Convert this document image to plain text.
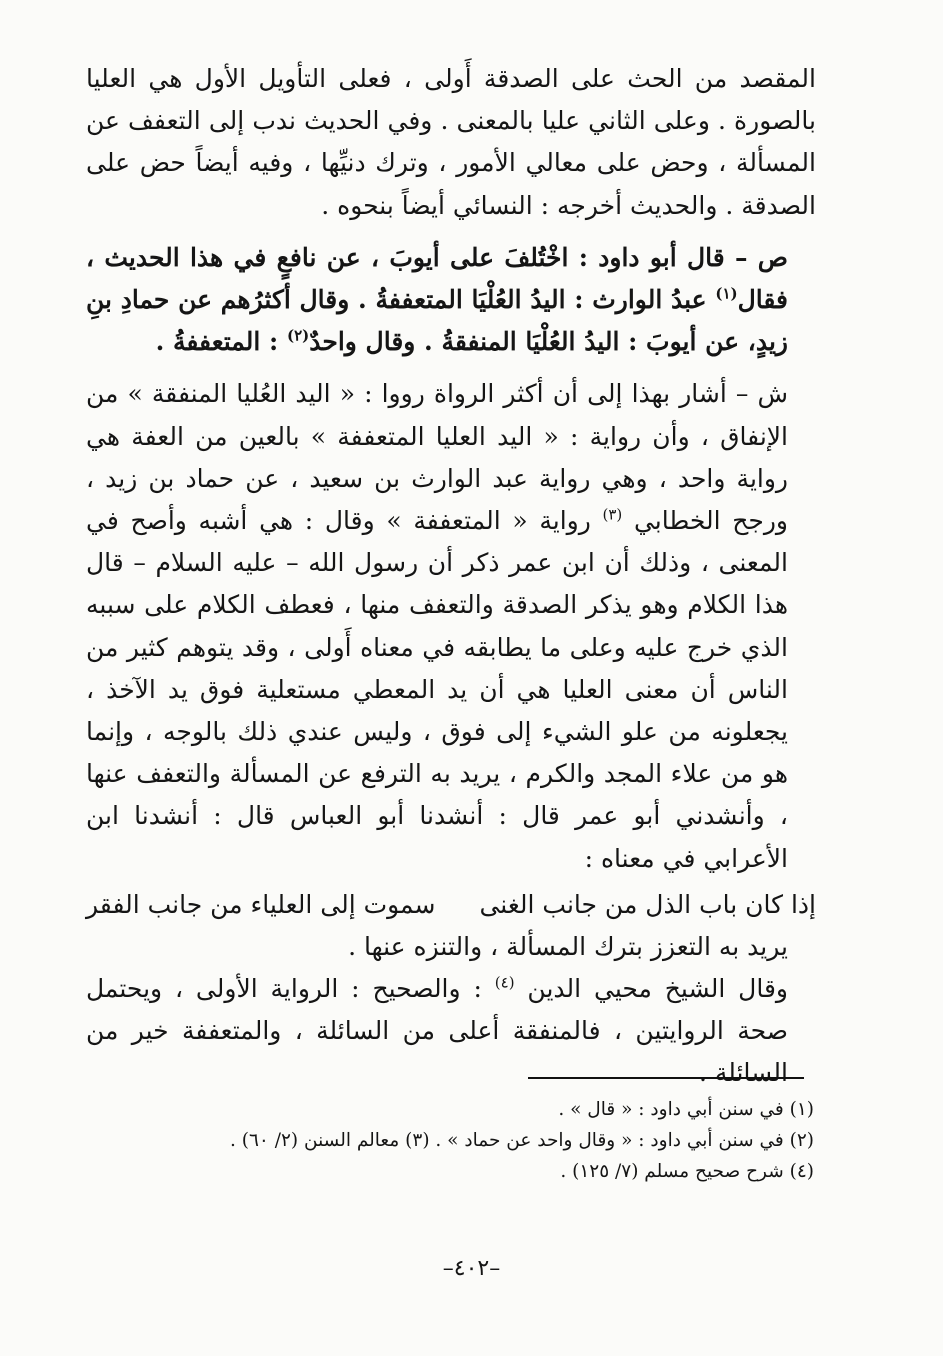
المقصد من الحث على الصدقة أَولى ، فعلى التأويل الأول هي العليا بالصورة . وعلى الثاني عليا بالمعنى . وفي الحديث ندب إلى التعفف عن المسألة ، وحض على معالي الأمور ، وترك دنيِّها ، وفيه أيضاً حض على الصدقة . والحديث أخرجه : النسائي أيضاً بنحوه .

ص – قال أبو داود : اخْتُلفَ على أيوبَ ، عن نافعٍ في هذا الحديث ، فقال$^{(١)}$ عبدُ الوارث : اليدُ العُلْيَا المتعففةُ . وقال أكثرُهم عن حمادِ بنِ زيدٍ، عن أيوبَ : اليدُ العُلْيَا المنفقةُ . وقال واحدٌ$^{(٢)}$ : المتعففةُ .

ش – أشار بهذا إلى أن أكثر الرواة رووا : « اليد العُليا المنفقة » من الإنفاق ، وأن رواية : « اليد العليا المتعففة » بالعين من العفة هي رواية واحد ، وهي رواية عبد الوارث بن سعيد ، عن حماد بن زيد ، ورجح الخطابي $^{(٣)}$ رواية « المتعففة » وقال : هي أشبه وأصح في المعنى ، وذلك أن ابن عمر ذكر أن رسول الله – عليه السلام – قال هذا الكلام وهو يذكر الصدقة والتعفف منها ، فعطف الكلام على سببه الذي خرج عليه وعلى ما يطابقه في معناه أَولى ، وقد يتوهم كثير من الناس أن معنى العليا هي أن يد المعطي مستعلية فوق يد الآخذ ، يجعلونه من علو الشيء إلى فوق ، وليس عندي ذلك بالوجه ، وإنما هو من علاء المجد والكرم ، يريد به الترفع عن المسألة والتعفف عنها ، وأنشدني أبو عمر قال : أنشدنا أبو العباس قال : أنشدنا ابن الأعرابي في معناه :

إذا كان باب الذل من جانب الغنى
سموت إلى العلياء من جانب الفقر

يريد به التعزز بترك المسألة ، والتنزه عنها .

وقال الشيخ محيي الدين $^{(٤)}$ : والصحيح : الرواية الأولى ، ويحتمل صحة الروايتين ، فالمنفقة أعلى من السائلة ، والمتعففة خير من السائلة .

(١) في سنن أبي داود : « قال » .
(٢) في سنن أبي داود : « وقال واحد عن حماد » . (٣) معالم السنن (٢/ ٦٠) .
(٤) شرح صحيح مسلم (٧/ ١٢٥) .
–٤٠٢–
